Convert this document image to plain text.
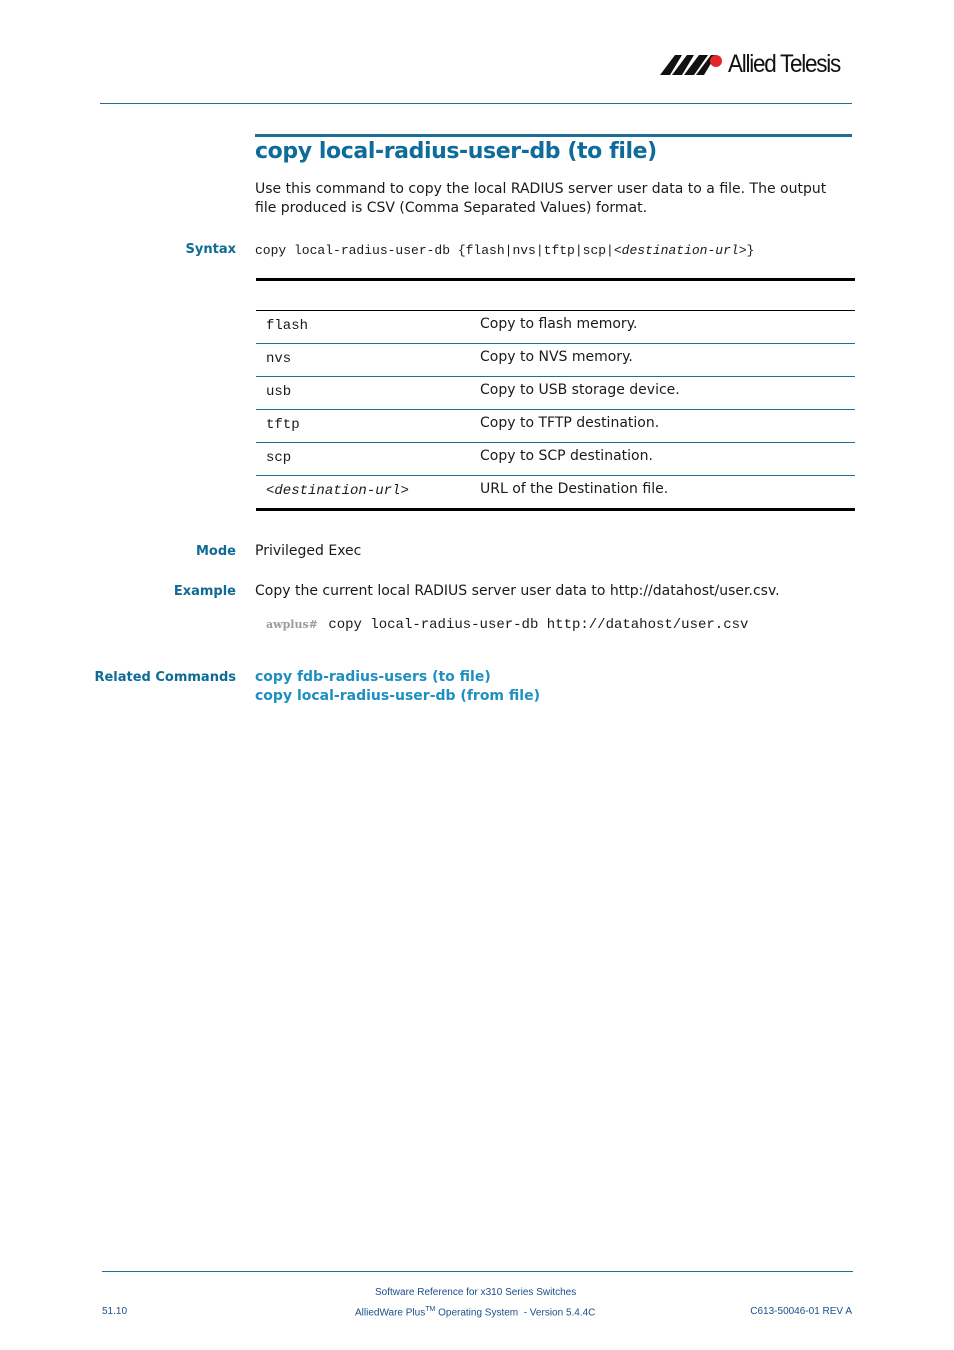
Allied Telesis
copy local-radius-user-db (to file)
Use this command to copy the local RADIUS server user data to a file. The output file produced is CSV (Comma Separated Values) format.
Syntax copy local-radius-user-db {flash|nvs|tftp|scp|<destination-url>}
flash	Copy to flash memory.
nvs	Copy to NVS memory.
usb	Copy to USB storage device.
tftp	Copy to TFTP destination.
scp	Copy to SCP destination.
<destination-url>	URL of the Destination file.
Mode Privileged Exec
Example Copy the current local RADIUS server user data to http://datahost/user.csv.
awplus# copy local-radius-user-db http://datahost/user.csv
Related Commands copy fdb-radius-users (to file)
copy local-radius-user-db (from file)
Software Reference for x310 Series Switches
51.10	AlliedWare Plus™ Operating System  - Version 5.4.4C	C613-50046-01 REV A
